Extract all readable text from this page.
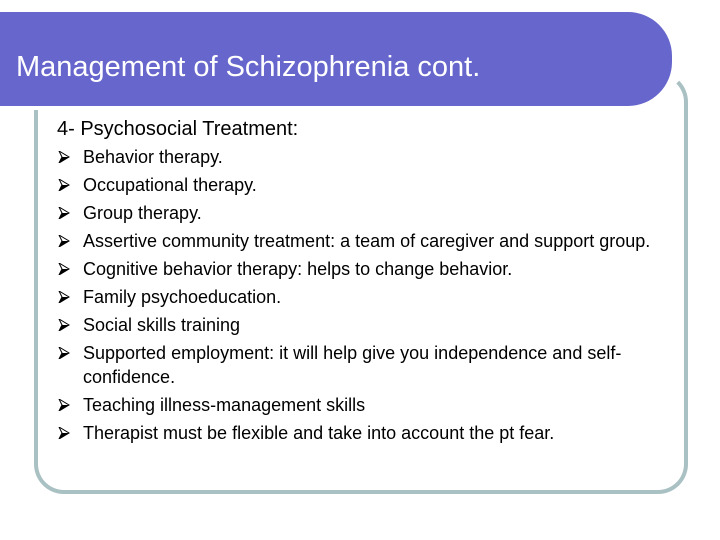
Management of Schizophrenia cont.
4- Psychosocial Treatment:
Behavior therapy.
Occupational therapy.
Group therapy.
Assertive community treatment: a team of caregiver and support group.
Cognitive behavior therapy: helps to change behavior.
Family psychoeducation.
Social skills training
Supported employment: it will help give you independence and self-confidence.
Teaching illness-management skills
Therapist must be flexible and take into account the pt fear.
